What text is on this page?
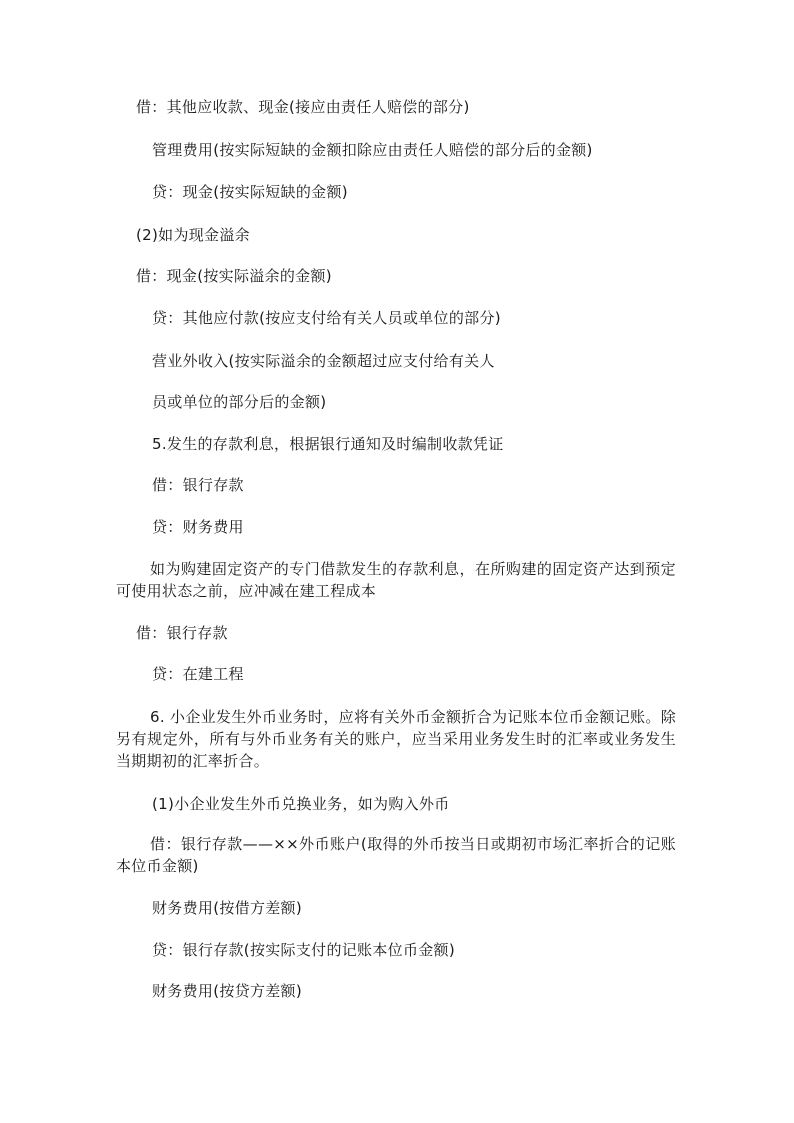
借：其他应收款、现金(接应由责任人赔偿的部分)
管理费用(按实际短缺的金额扣除应由责任人赔偿的部分后的金额)
贷：现金(按实际短缺的金额)
(2)如为现金溢余
借：现金(按实际溢余的金额)
贷：其他应付款(按应支付给有关人员或单位的部分)
营业外收入(按实际溢余的金额超过应支付给有关人
员或单位的部分后的金额)
5.发生的存款利息，根据银行通知及时编制收款凭证
借：银行存款
贷：财务费用
如为购建固定资产的专门借款发生的存款利息，在所购建的固定资产达到预定可使用状态之前，应冲减在建工程成本
借：银行存款
贷：在建工程
6. 小企业发生外币业务时，应将有关外币金额折合为记账本位币金额记账。除另有规定外，所有与外币业务有关的账户，应当采用业务发生时的汇率或业务发生当期期初的汇率折合。
(1)小企业发生外币兑换业务，如为购入外币
借：银行存款——××外币账户(取得的外币按当日或期初市场汇率折合的记账本位币金额)
财务费用(按借方差额)
贷：银行存款(按实际支付的记账本位币金额)
财务费用(按贷方差额)
